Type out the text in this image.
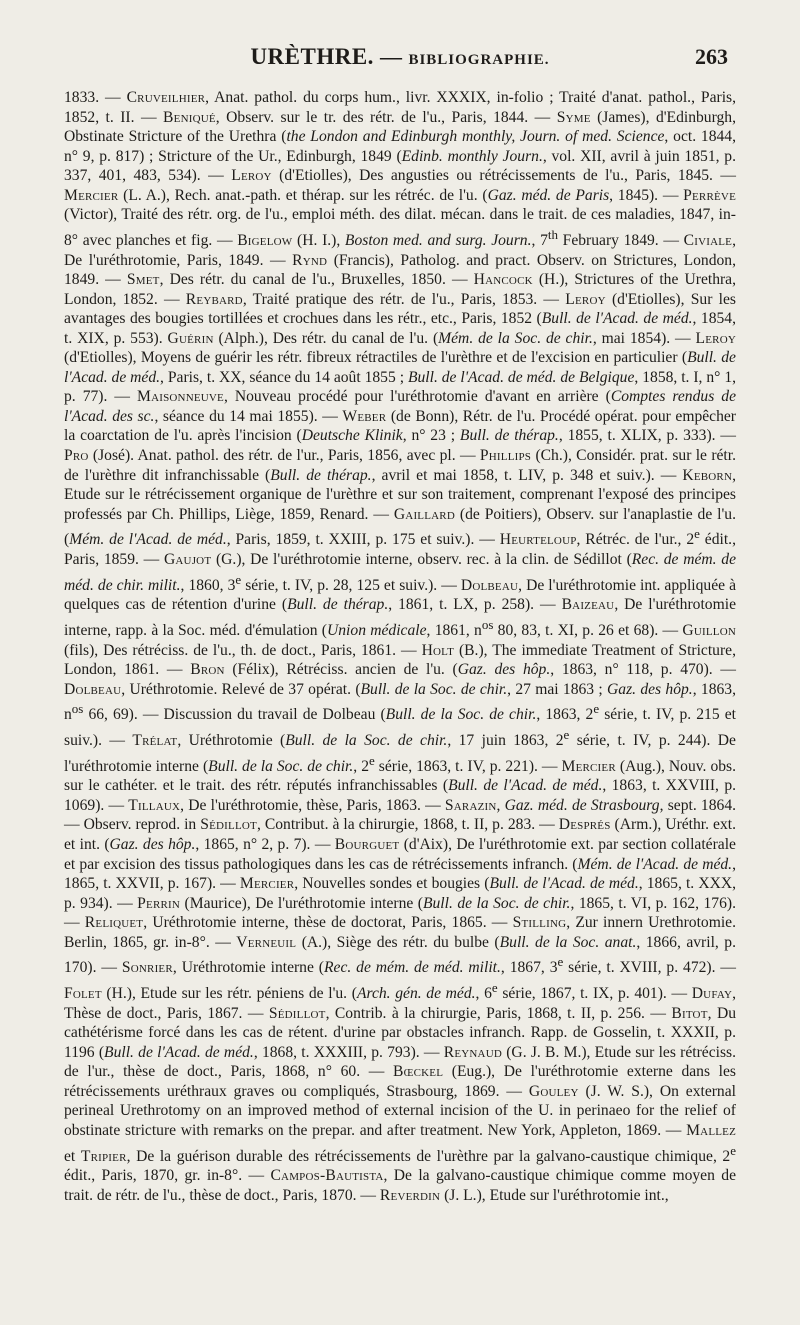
URÈTHRE. — BIBLIOGRAPHIE.	263
1833. — Cruveilhier, Anat. pathol. du corps hum., livr. XXXIX, in-folio ; Traité d'anat. pathol., Paris, 1852, t. II. — Beniqué, Observ. sur le tr. des rétr. de l'u., Paris, 1844. — Syme (James), d'Edinburgh, Obstinate Stricture of the Urethra (the London and Edinburgh monthly, Journ. of med. Science, oct. 1844, n° 9, p. 817) ; Stricture of the Ur., Edinburgh, 1849 (Edinb. monthly Journ., vol. XII, avril à juin 1851, p. 337, 401, 483, 534). — Leroy (d'Etiolles), Des angusties ou rétrécissements de l'u., Paris, 1845. — Mercier (L. A.), Rech. anat.-path. et thérap. sur les rétréc. de l'u. (Gaz. méd. de Paris, 1845). — Perrève (Victor), Traité des rétr. org. de l'u., emploi méth. des dilat. mécan. dans le trait. de ces maladies, 1847, in-8° avec planches et fig. — Bigelow (H. I.), Boston med. and surg. Journ., 7th February 1849. — Civiale, De l'uréthrotomie, Paris, 1849. — Rynd (Francis), Patholog. and pract. Observ. on Strictures, London, 1849. — Smet, Des rétr. du canal de l'u., Bruxelles, 1850. — Hancock (H.), Strictures of the Urethra, London, 1852. — Reybard, Traité pratique des rétr. de l'u., Paris, 1853. — Leroy (d'Etiolles), Sur les avantages des bougies tortillées et crochues dans les rétr., etc., Paris, 1852 (Bull. de l'Acad. de méd., 1854, t. XIX, p. 553). Guérin (Alph.), Des rétr. du canal de l'u. (Mém. de la Soc. de chir., mai 1854). — Leroy (d'Etiolles), Moyens de guérir les rétr. fibreux rétractiles de l'urèthre et de l'excision en particulier (Bull. de l'Acad. de méd., Paris, t. XX, séance du 14 août 1855 ; Bull. de l'Acad. de méd. de Belgique, 1858, t. I, n° 1, p. 77). — Maisonneuve, Nouveau procédé pour l'uréthrotomie d'avant en arrière (Comptes rendus de l'Acad. des sc., séance du 14 mai 1855). — Weber (de Bonn), Rétr. de l'u. Procédé opérat. pour empêcher la coarctation de l'u. après l'incision (Deutsche Klinik, n° 23 ; Bull. de thérap., 1855, t. XLIX, p. 333). — Pro (José). Anat. pathol. des rétr. de l'ur., Paris, 1856, avec pl. — Phillips (Ch.), Considér. prat. sur le rétr. de l'urèthre dit infranchissable (Bull. de thérap., avril et mai 1858, t. LIV, p. 348 et suiv.). — Keborn, Etude sur le rétrécissement organique de l'urèthre et sur son traitement, comprenant l'exposé des principes professés par Ch. Phillips, Liège, 1859, Renard. — Gaillard (de Poitiers), Observ. sur l'anaplastie de l'u. (Mém. de l'Acad. de méd., Paris, 1859, t. XXIII, p. 175 et suiv.). — Heurteloup, Rétréc. de l'ur., 2e édit., Paris, 1859. — Gaujot (G.), De l'uréthrotomie interne, observ. rec. à la clin. de Sédillot (Rec. de mém. de méd. de chir. milit., 1860, 3e série, t. IV, p. 28, 125 et suiv.). — Dolbeau, De l'uréthrotomie int. appliquée à quelques cas de rétention d'urine (Bull. de thérap., 1861, t. LX, p. 258). — Baizeau, De l'uréthrotomie interne, rapp. à la Soc. méd. d'émulation (Union médicale, 1861, $n^{os}$ 80, 83, t. XI, p. 26 et 68). — Guillon (fils), Des rétréciss. de l'u., th. de doct., Paris, 1861. — Holt (B.), The immediate Treatment of Stricture, London, 1861. — Bron (Félix), Rétréciss. ancien de l'u. (Gaz. des hôp., 1863, n° 118, p. 470). — Dolbeau, Uréthrotomie. Relevé de 37 opérat. (Bull. de la Soc. de chir., 27 mai 1863 ; Gaz. des hôp., 1863, $n^{os}$ 66, 69). — Discussion du travail de Dolbeau (Bull. de la Soc. de chir., 1863, 2e série, t. IV, p. 215 et suiv.). — Trélat, Uréthrotomie (Bull. de la Soc. de chir., 17 juin 1863, 2e série, t. IV, p. 244). De l'uréthrotomie interne (Bull. de la Soc. de chir., 2e série, 1863, t. IV, p. 221). — Mercier (Aug.), Nouv. obs. sur le cathéter. et le trait. des rétr. réputés infranchissables (Bull. de l'Acad. de méd., 1863, t. XXVIII, p. 1069). — Tillaux, De l'uréthrotomie, thèse, Paris, 1863. — Sarazin, Gaz. méd. de Strasbourg, sept. 1864. — Observ. reprod. in Sédillot, Contribut. à la chirurgie, 1868, t. II, p. 283. — Després (Arm.), Uréthr. ext. et int. (Gaz. des hôp., 1865, n° 2, p. 7). — Bourguet (d'Aix), De l'uréthrotomie ext. par section collatérale et par excision des tissus pathologiques dans les cas de rétrécissements infranch. (Mém. de l'Acad. de méd., 1865, t. XXVII, p. 167). — Mercier, Nouvelles sondes et bougies (Bull. de l'Acad. de méd., 1865, t. XXX, p. 934). — Perrin (Maurice), De l'uréthrotomie interne (Bull. de la Soc. de chir., 1865, t. VI, p. 162, 176). — Reliquet, Uréthrotomie interne, thèse de doctorat, Paris, 1865. — Stilling, Zur innern Urethrotomie. Berlin, 1865, gr. in-8°. — Verneuil (A.), Siège des rétr. du bulbe (Bull. de la Soc. anat., 1866, avril, p. 170). — Sonrier, Uréthrotomie interne (Rec. de mém. de méd. milit., 1867, 3e série, t. XVIII, p. 472). — Folet (H.), Etude sur les rétr. péniens de l'u. (Arch. gén. de méd., 6e série, 1867, t. IX, p. 401). — Dufay, Thèse de doct., Paris, 1867. — Sédillot, Contrib. à la chirurgie, Paris, 1868, t. II, p. 256. — Bitot, Du cathétérisme forcé dans les cas de rétent. d'urine par obstacles infranch. Rapp. de Gosselin, t. XXXII, p. 1196 (Bull. de l'Acad. de méd., 1868, t. XXXIII, p. 793). — Reynaud (G. J. B. M.), Etude sur les rétréciss. de l'ur., thèse de doct., Paris, 1868, n° 60. — Bœckel (Eug.), De l'uréthrotomie externe dans les rétrécissements uréthraux graves ou compliqués, Strasbourg, 1869. — Gouley (J. W. S.), On external perineal Urethrotomy on an improved method of external incision of the U. in perinaeo for the relief of obstinate stricture with remarks on the prepar. and after treatment. New York, Appleton, 1869. — Mallez et Tripier, De la guérison durable des rétrécissements de l'urèthre par la galvano-caustique chimique, 2e édit., Paris, 1870, gr. in-8°. — Campos-Bautista, De la galvano-caustique chimique comme moyen de trait. de rétr. de l'u., thèse de doct., Paris, 1870. — Reverdin (J. L.), Etude sur l'uréthrotomie int.,
